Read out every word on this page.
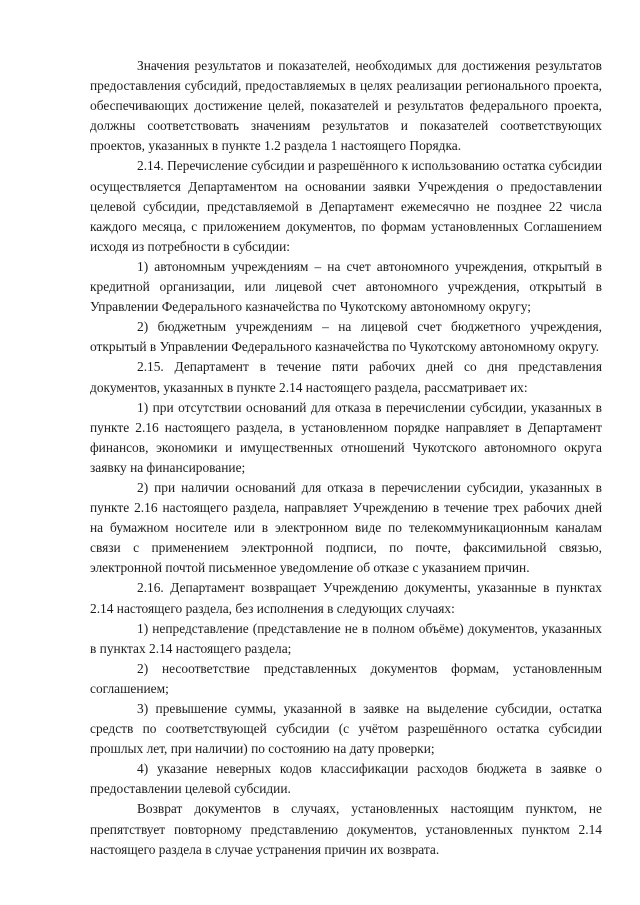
Значения результатов и показателей, необходимых для достижения результатов предоставления субсидий, предоставляемых в целях реализации регионального проекта, обеспечивающих достижение целей, показателей и результатов федерального проекта, должны соответствовать значениям результатов и показателей соответствующих проектов, указанных в пункте 1.2 раздела 1 настоящего Порядка.

2.14. Перечисление субсидии и разрешённого к использованию остатка субсидии осуществляется Департаментом на основании заявки Учреждения о предоставлении целевой субсидии, представляемой в Департамент ежемесячно не позднее 22 числа каждого месяца, с приложением документов, по формам установленных Соглашением исходя из потребности в субсидии:

1) автономным учреждениям – на счет автономного учреждения, открытый в кредитной организации, или лицевой счет автономного учреждения, открытый в Управлении Федерального казначейства по Чукотскому автономному округу;

2) бюджетным учреждениям – на лицевой счет бюджетного учреждения, открытый в Управлении Федерального казначейства по Чукотскому автономному округу.

2.15. Департамент в течение пяти рабочих дней со дня представления документов, указанных в пункте 2.14 настоящего раздела, рассматривает их:

1) при отсутствии оснований для отказа в перечислении субсидии, указанных в пункте 2.16 настоящего раздела, в установленном порядке направляет в Департамент финансов, экономики и имущественных отношений Чукотского автономного округа заявку на финансирование;

2) при наличии оснований для отказа в перечислении субсидии, указанных в пункте 2.16 настоящего раздела, направляет Учреждению в течение трех рабочих дней на бумажном носителе или в электронном виде по телекоммуникационным каналам связи с применением электронной подписи, по почте, факсимильной связью, электронной почтой письменное уведомление об отказе с указанием причин.

2.16. Департамент возвращает Учреждению документы, указанные в пунктах 2.14 настоящего раздела, без исполнения в следующих случаях:

1) непредставление (представление не в полном объёме) документов, указанных в пунктах 2.14 настоящего раздела;

2) несоответствие представленных документов формам, установленным соглашением;

3) превышение суммы, указанной в заявке на выделение субсидии, остатка средств по соответствующей субсидии (с учётом разрешённого остатка субсидии прошлых лет, при наличии) по состоянию на дату проверки;

4) указание неверных кодов классификации расходов бюджета в заявке о предоставлении целевой субсидии.

Возврат документов в случаях, установленных настоящим пунктом, не препятствует повторному представлению документов, установленных пунктом 2.14 настоящего раздела в случае устранения причин их возврата.
